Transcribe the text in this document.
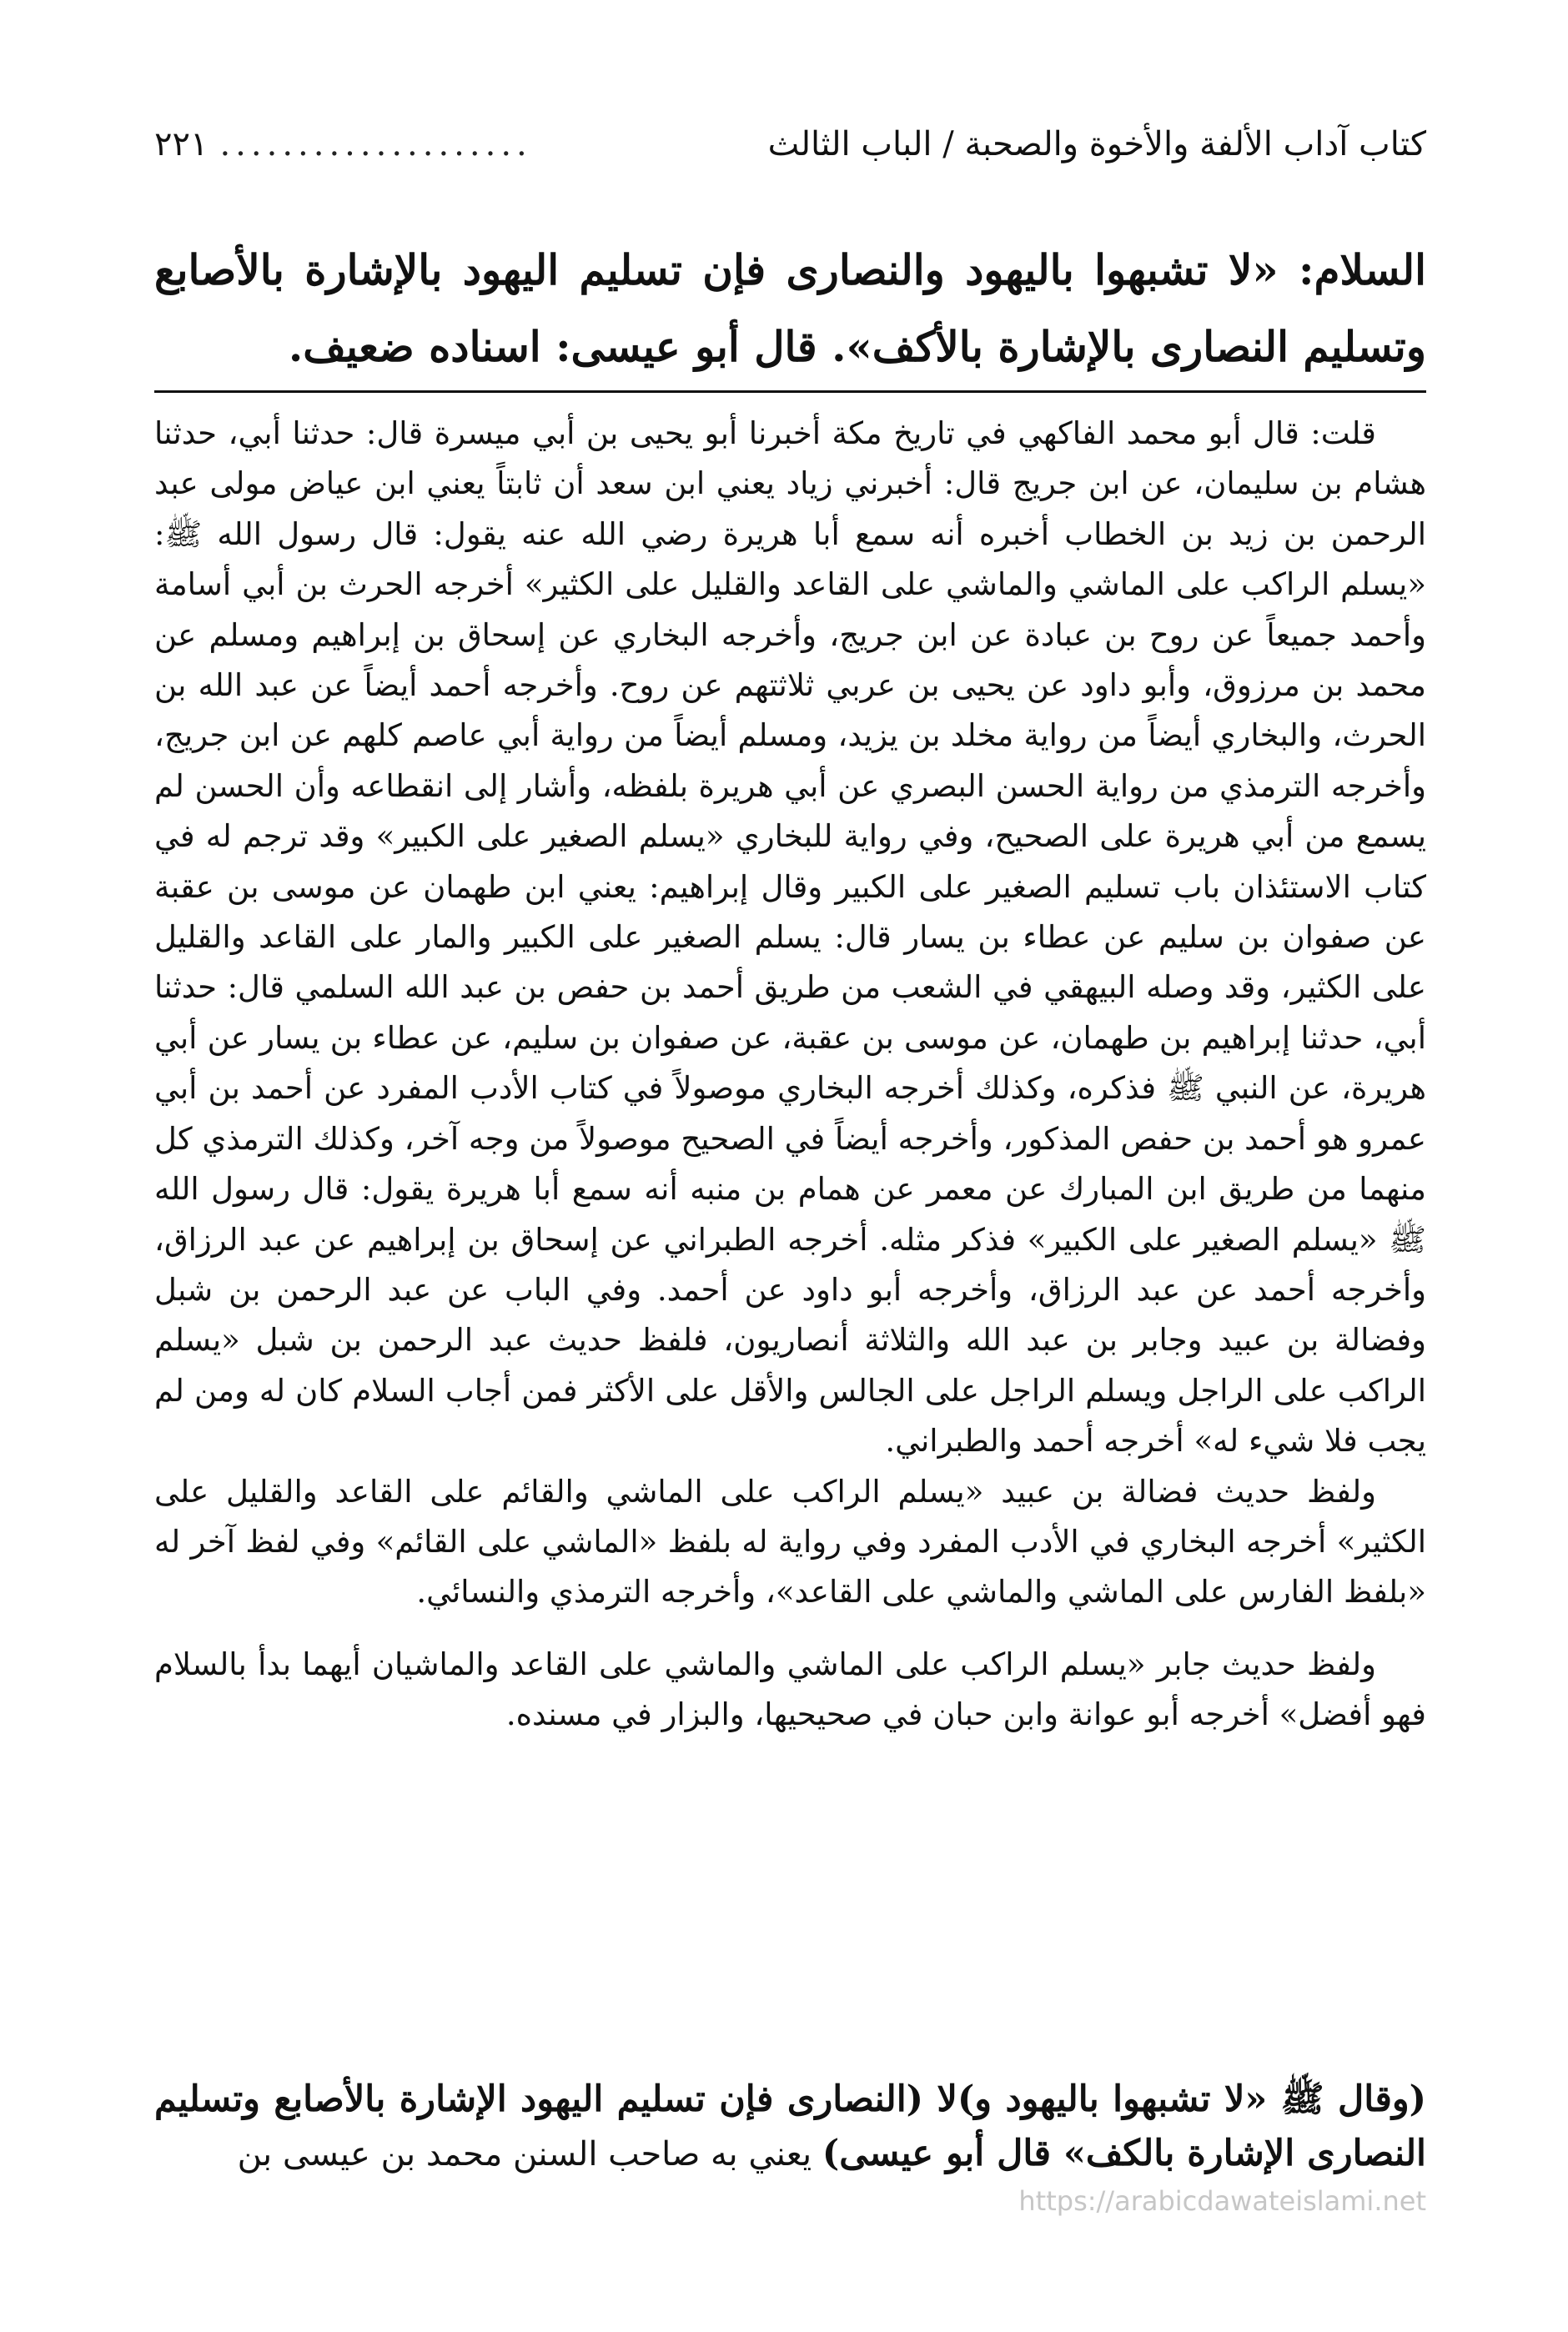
٢٢١ ....................	كتاب آداب الألفة والأخوة والصحبة / الباب الثالث

السلام: «لا تشبهوا باليهود والنصارى فإن تسليم اليهود بالإشارة بالأصابع وتسليم النصارى بالإشارة بالأكف». قال أبو عيسى: اسناده ضعيف.

قلت: قال أبو محمد الفاكهي في تاريخ مكة أخبرنا أبو يحيى بن أبي ميسرة قال: حدثنا أبي، حدثنا هشام بن سليمان، عن ابن جريج قال: أخبرني زياد يعني ابن سعد أن ثابتاً يعني ابن عياض مولى عبد الرحمن بن زيد بن الخطاب أخبره أنه سمع أبا هريرة رضي الله عنه يقول: قال رسول الله ﷺ: «يسلم الراكب على الماشي والماشي على القاعد والقليل على الكثير» أخرجه الحرث بن أبي أسامة وأحمد جميعاً عن روح بن عبادة عن ابن جريج، وأخرجه البخاري عن إسحاق بن إبراهيم ومسلم عن محمد بن مرزوق، وأبو داود عن يحيى بن عربي ثلاثتهم عن روح. وأخرجه أحمد أيضاً عن عبد الله بن الحرث، والبخاري أيضاً من رواية مخلد بن يزيد، ومسلم أيضاً من رواية أبي عاصم كلهم عن ابن جريج، وأخرجه الترمذي من رواية الحسن البصري عن أبي هريرة بلفظه، وأشار إلى انقطاعه وأن الحسن لم يسمع من أبي هريرة على الصحيح، وفي رواية للبخاري «يسلم الصغير على الكبير» وقد ترجم له في كتاب الاستئذان باب تسليم الصغير على الكبير وقال إبراهيم: يعني ابن طهمان عن موسى بن عقبة عن صفوان بن سليم عن عطاء بن يسار قال: يسلم الصغير على الكبير والمار على القاعد والقليل على الكثير، وقد وصله البيهقي في الشعب من طريق أحمد بن حفص بن عبد الله السلمي قال: حدثنا أبي، حدثنا إبراهيم بن طهمان، عن موسى بن عقبة، عن صفوان بن سليم، عن عطاء بن يسار عن أبي هريرة، عن النبي ﷺ فذكره، وكذلك أخرجه البخاري موصولاً في كتاب الأدب المفرد عن أحمد بن أبي عمرو هو أحمد بن حفص المذكور، وأخرجه أيضاً في الصحيح موصولاً من وجه آخر، وكذلك الترمذي كل منهما من طريق ابن المبارك عن معمر عن همام بن منبه أنه سمع أبا هريرة يقول: قال رسول الله ﷺ «يسلم الصغير على الكبير» فذكر مثله. أخرجه الطبراني عن إسحاق بن إبراهيم عن عبد الرزاق، وأخرجه أحمد عن عبد الرزاق، وأخرجه أبو داود عن أحمد. وفي الباب عن عبد الرحمن بن شبل وفضالة بن عبيد وجابر بن عبد الله والثلاثة أنصاريون، فلفظ حديث عبد الرحمن بن شبل «يسلم الراكب على الراجل ويسلم الراجل على الجالس والأقل على الأكثر فمن أجاب السلام كان له ومن لم يجب فلا شيء له» أخرجه أحمد والطبراني.

ولفظ حديث فضالة بن عبيد «يسلم الراكب على الماشي والقائم على القاعد والقليل على الكثير» أخرجه البخاري في الأدب المفرد وفي رواية له بلفظ «الماشي على القائم» وفي لفظ آخر له «بلفظ الفارس على الماشي والماشي على القاعد»، وأخرجه الترمذي والنسائي.

ولفظ حديث جابر «يسلم الراكب على الماشي والماشي على القاعد والماشيان أيهما بدأ بالسلام فهو أفضل» أخرجه أبو عوانة وابن حبان في صحيحيها، والبزار في مسنده.

(وقال ﷺ «لا تشبهوا باليهود و)لا (النصارى فإن تسليم اليهود الإشارة بالأصابع وتسليم النصارى الإشارة بالكف» قال أبو عيسى) يعني به صاحب السنن محمد بن عيسى بن
https://arabicdawateislami.net
